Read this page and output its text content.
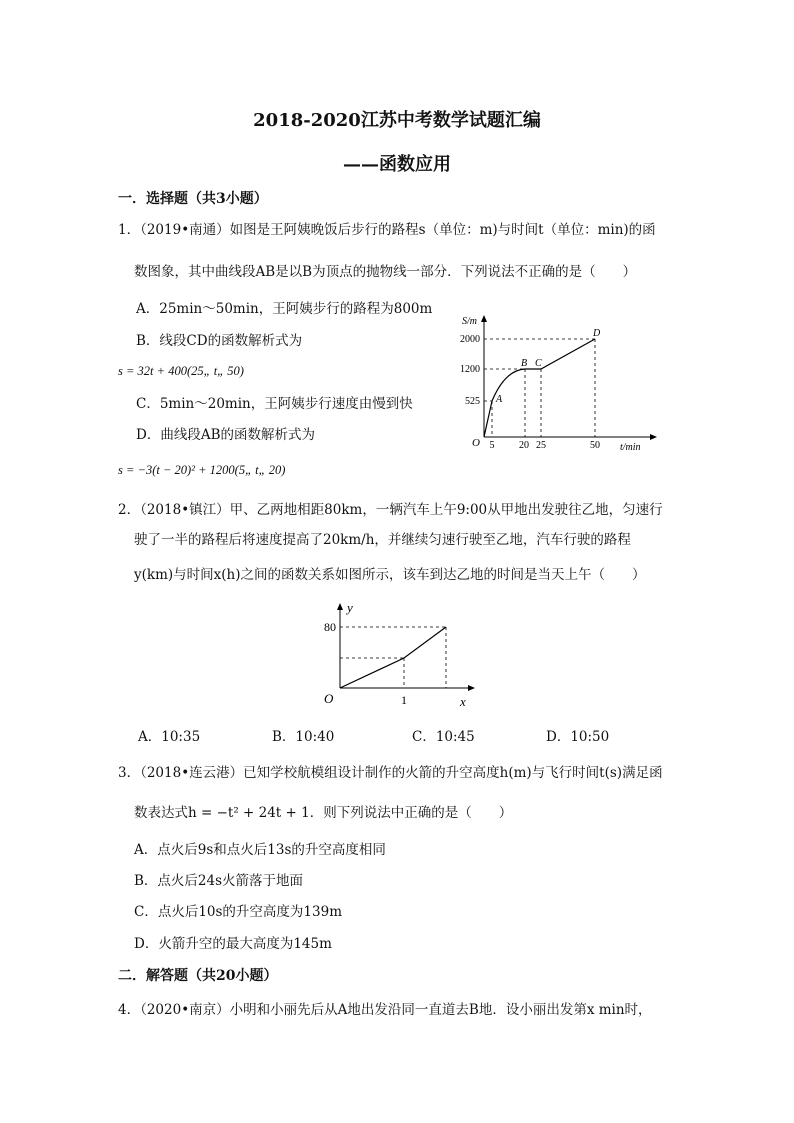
2018-2020江苏中考数学试题汇编
——函数应用
一．选择题（共3小题）
1．（2019•南通）如图是王阿姨晚饭后步行的路程s（单位：m)与时间t（单位：min)的函
数图象，其中曲线段AB是以B为顶点的抛物线一部分．下列说法不正确的是（　　）
A．25min～50min，王阿姨步行的路程为800m
B．线段CD的函数解析式为
s = 32t + 400(25„ t„ 50)
C．5min～20min，王阿姨步行速度由慢到快
D．曲线段AB的函数解析式为
s = −3(t − 20)² + 1200(5„ t„ 20)
2000
1200
525
5 20 25	50
S/m
t/min
O
A
B C
D
2．（2018•镇江）甲、乙两地相距80km，一辆汽车上午9:00从甲地出发驶往乙地，匀速行
驶了一半的路程后将速度提高了20km/h，并继续匀速行驶至乙地，汽车行驶的路程
y(km)与时间x(h)之间的函数关系如图所示，该车到达乙地的时间是当天上午（　　）
80
1
y
x
O
A．10:35	B．10:40	C．10:45	D．10:50
3．（2018•连云港）已知学校航模组设计制作的火箭的升空高度h(m)与飞行时间t(s)满足函
数表达式h = −t² + 24t + 1．则下列说法中正确的是（　　）
A．点火后9s和点火后13s的升空高度相同
B．点火后24s火箭落于地面
C．点火后10s的升空高度为139m
D．火箭升空的最大高度为145m
二．解答题（共20小题）
4．（2020•南京）小明和小丽先后从A地出发沿同一直道去B地．设小丽出发第x min时，
